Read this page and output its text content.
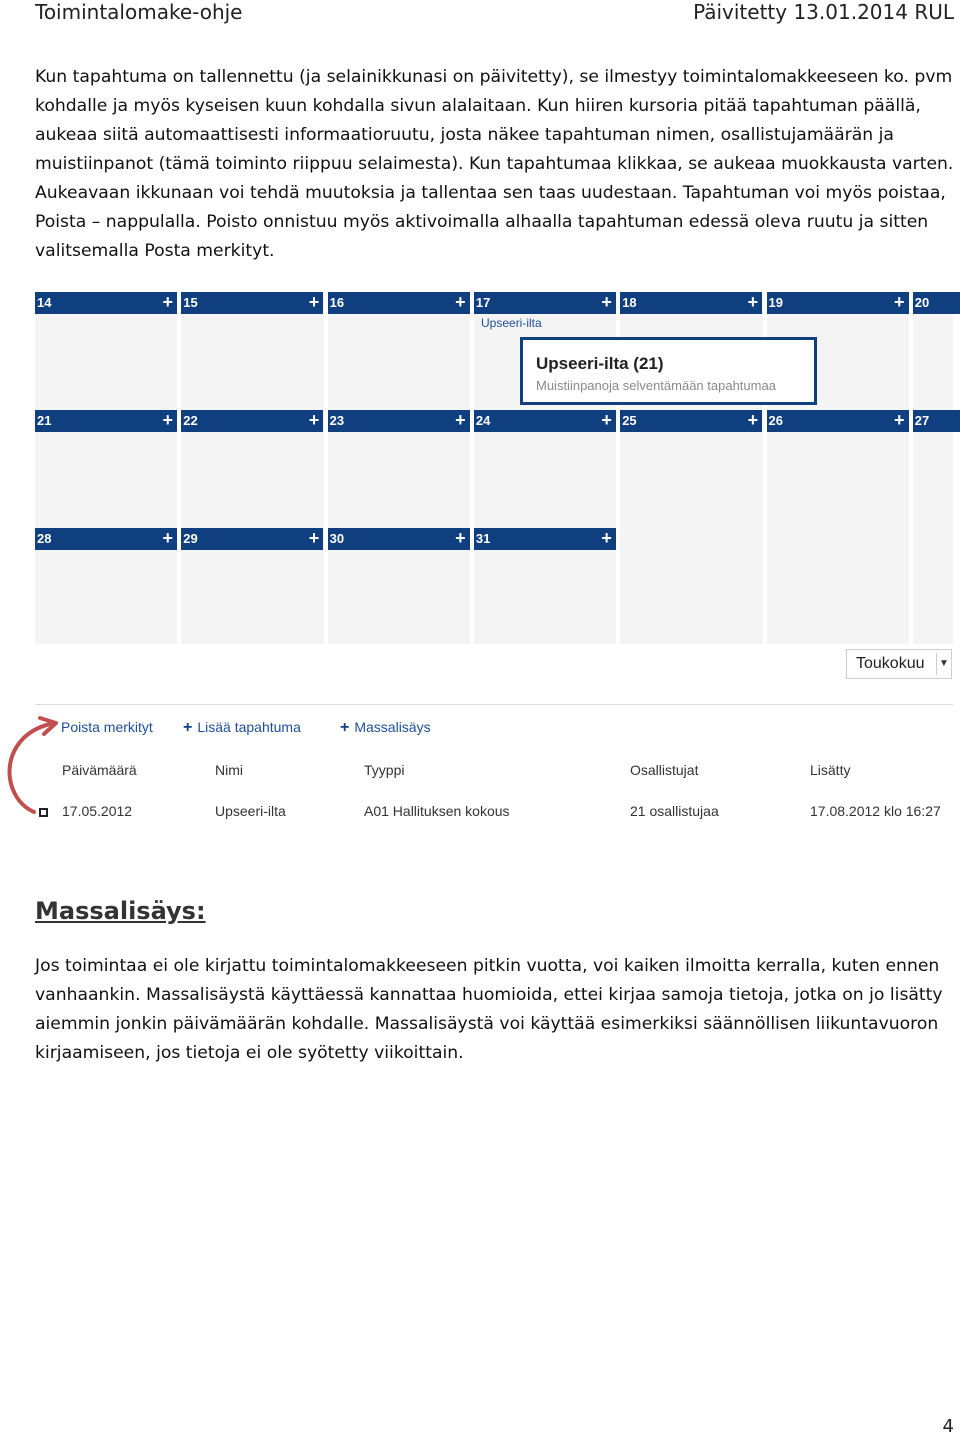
Toimintalomake-ohje	Päivitetty 13.01.2014 RUL

Kun tapahtuma on tallennettu (ja selainikkunasi on päivitetty), se ilmestyy toimintalomakkeeseen ko. pvm kohdalle ja myös kyseisen kuun kohdalla sivun alalaitaan. Kun hiiren kursoria pitää tapahtuman päällä, aukeaa siitä automaattisesti informaatioruutu, josta näkee tapahtuman nimen, osallistujamäärän ja muistiinpanot (tämä toiminto riippuu selaimesta). Kun tapahtumaa klikkaa, se aukeaa muokkausta varten. Aukeavaan ikkunaan voi tehdä muutoksia ja tallentaa sen taas uudestaan. Tapahtuman voi myös poistaa, Poista – nappulalla. Poisto onnistuu myös aktivoimalla alhaalla tapahtuman edessä oleva ruutu ja sitten valitsemalla Posta merkityt.

14	+ 15	+ 16	+ 17	+ 18	+ 19	+ 20
21	+ 22	+ 23	+ 24	+ 25	+ 26	+ 27
28	+ 29	+ 30	+ 31	+
Upseeri-ilta
Upseeri-ilta (21)
Muistiinpanoja selventämään tapahtumaa
Toukokuu	▼
Poista merkityt + Lisää tapahtuma + Massalisäys
Päivämäärä	Nimi	Tyyppi	Osallistujat	Lisätty
17.05.2012	Upseeri-ilta	A01 Hallituksen kokous	21 osallistujaa	17.08.2012 klo 16:27
Massalisäys:

Jos toimintaa ei ole kirjattu toimintalomakkeeseen pitkin vuotta, voi kaiken ilmoitta kerralla, kuten ennen vanhaankin. Massalisäystä käyttäessä kannattaa huomioida, ettei kirjaa samoja tietoja, jotka on jo lisätty aiemmin jonkin päivämäärän kohdalle. Massalisäystä voi käyttää esimerkiksi säännöllisen liikuntavuoron kirjaamiseen, jos tietoja ei ole syötetty viikoittain.

4
